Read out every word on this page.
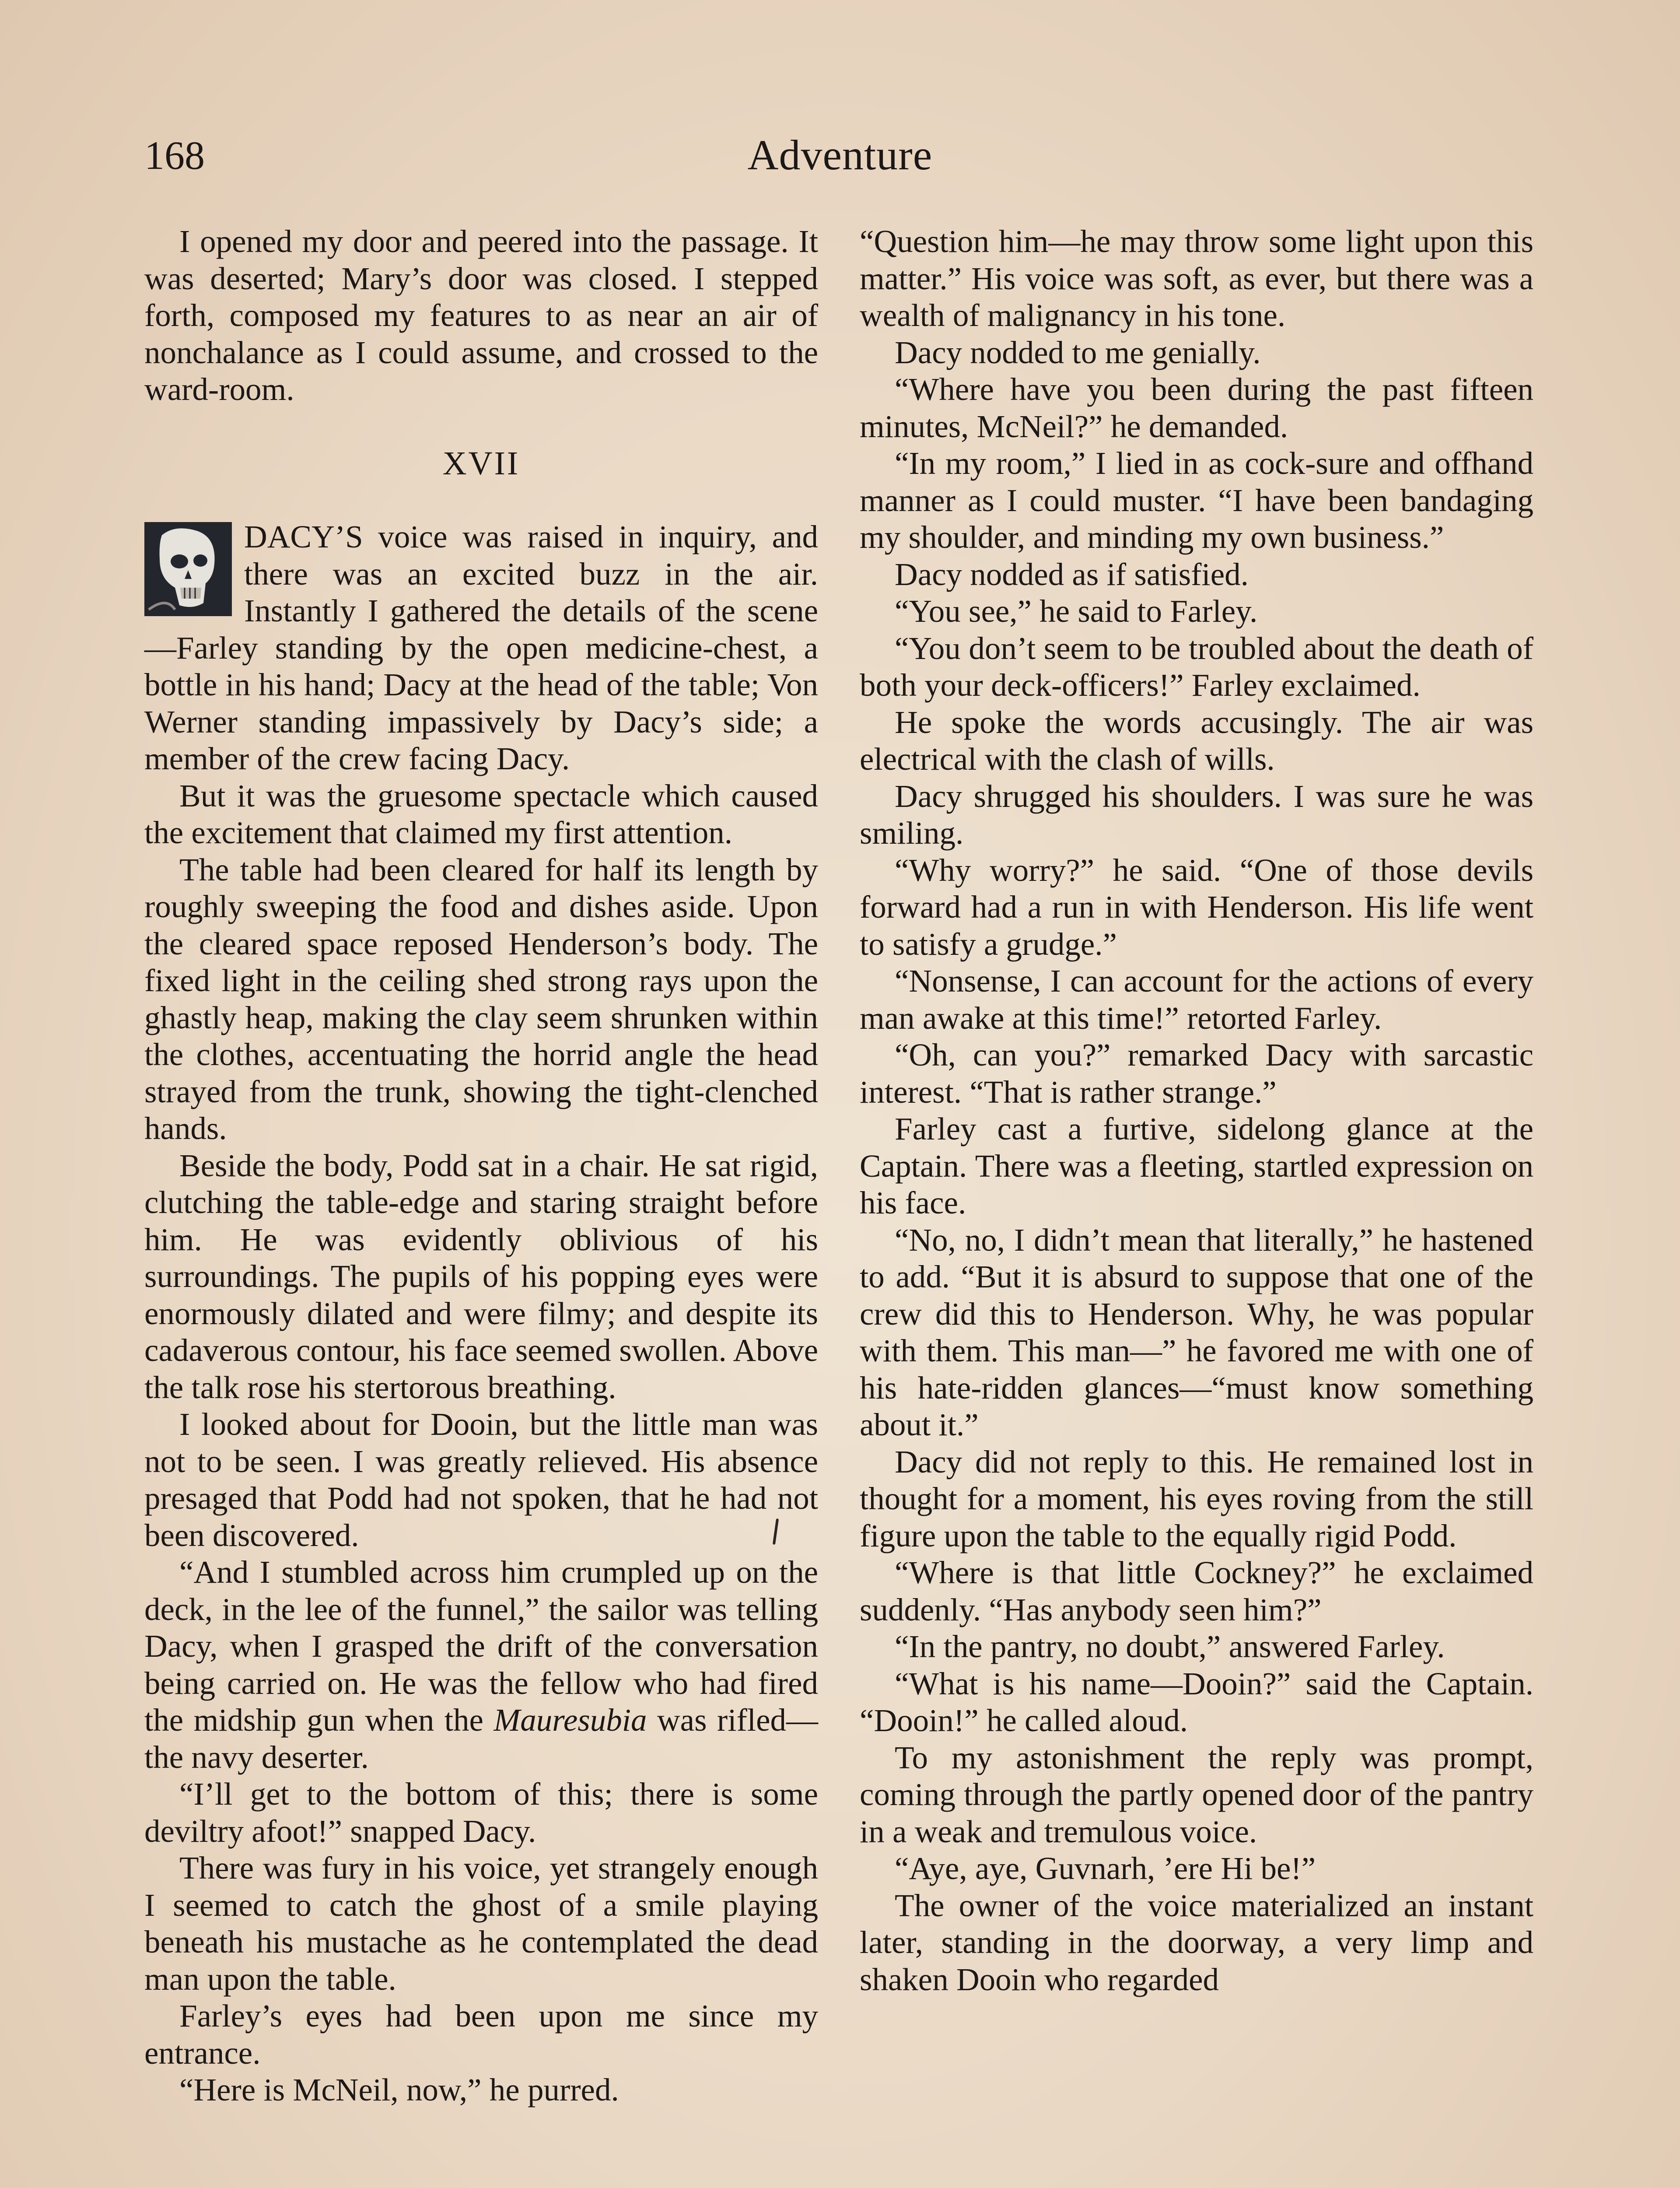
168	Adventure

I opened my door and peered into the passage. It was deserted; Mary’s door was closed. I stepped forth, composed my features to as near an air of nonchalance as I could assume, and crossed to the ward-room.

XVII

DACY’S voice was raised in inquiry, and there was an excited buzz in the air. Instantly I gathered the details of the scene—Farley standing by the open medicine-chest, a bottle in his hand; Dacy at the head of the table; Von Werner standing impassively by Dacy’s side; a member of the crew facing Dacy.

But it was the gruesome spectacle which caused the excitement that claimed my first attention.

The table had been cleared for half its length by roughly sweeping the food and dishes aside. Upon the cleared space reposed Henderson’s body. The fixed light in the ceiling shed strong rays upon the ghastly heap, making the clay seem shrunken within the clothes, accentuating the horrid angle the head strayed from the trunk, showing the tight-clenched hands.

Beside the body, Podd sat in a chair. He sat rigid, clutching the table-edge and staring straight before him. He was evidently oblivious of his surroundings. The pupils of his popping eyes were enormously dilated and were filmy; and despite its cadaverous contour, his face seemed swollen. Above the talk rose his stertorous breathing.

I looked about for Dooin, but the little man was not to be seen. I was greatly relieved. His absence presaged that Podd had not spoken, that he had not been discovered.

“And I stumbled across him crumpled up on the deck, in the lee of the funnel,” the sailor was telling Dacy, when I grasped the drift of the conversation being carried on. He was the fellow who had fired the midship gun when the Mauresubia was rifled—the navy deserter.

“I’ll get to the bottom of this; there is some deviltry afoot!” snapped Dacy.

There was fury in his voice, yet strangely enough I seemed to catch the ghost of a smile playing beneath his mustache as he contemplated the dead man upon the table.

Farley’s eyes had been upon me since my entrance.

“Here is McNeil, now,” he purred.

“Question him—he may throw some light upon this matter.” His voice was soft, as ever, but there was a wealth of malignancy in his tone.

Dacy nodded to me genially.

“Where have you been during the past fifteen minutes, McNeil?” he demanded.

“In my room,” I lied in as cock-sure and offhand manner as I could muster. “I have been bandaging my shoulder, and minding my own business.”

Dacy nodded as if satisfied.

“You see,” he said to Farley.

“You don’t seem to be troubled about the death of both your deck-officers!” Farley exclaimed.

He spoke the words accusingly. The air was electrical with the clash of wills.

Dacy shrugged his shoulders. I was sure he was smiling.

“Why worry?” he said. “One of those devils forward had a run in with Henderson. His life went to satisfy a grudge.”

“Nonsense, I can account for the actions of every man awake at this time!” retorted Farley.

“Oh, can you?” remarked Dacy with sarcastic interest. “That is rather strange.”

Farley cast a furtive, sidelong glance at the Captain. There was a fleeting, startled expression on his face.

“No, no, I didn’t mean that literally,” he hastened to add. “But it is absurd to suppose that one of the crew did this to Henderson. Why, he was popular with them. This man—” he favored me with one of his hate-ridden glances—“must know something about it.”

Dacy did not reply to this. He remained lost in thought for a moment, his eyes roving from the still figure upon the table to the equally rigid Podd.

“Where is that little Cockney?” he exclaimed suddenly. “Has anybody seen him?”

“In the pantry, no doubt,” answered Farley.

“What is his name—Dooin?” said the Captain. “Dooin!” he called aloud.

To my astonishment the reply was prompt, coming through the partly opened door of the pantry in a weak and tremulous voice.

“Aye, aye, Guvnarh, ’ere Hi be!”

The owner of the voice materialized an instant later, standing in the doorway, a very limp and shaken Dooin who regarded
